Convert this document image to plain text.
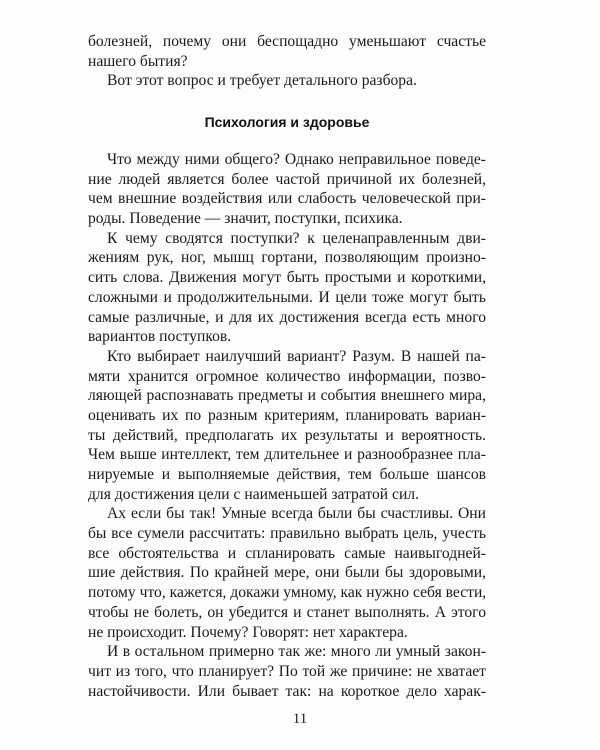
болезней, почему они беспощадно уменьшают счастье
нашего бытия?
Вот этот вопрос и требует детального разбора.
Психология и здоровье
Что между ними общего? Однако неправильное поведе-
ние людей является более частой причиной их болезней,
чем внешние воздействия или слабость человеческой при-
роды. Поведение — значит, поступки, психика.
К чему сводятся поступки? к целенаправленным дви-
жениям рук, ног, мышц гортани, позволяющим произно-
сить слова. Движения могут быть простыми и короткими,
сложными и продолжительными. И цели тоже могут быть
самые различные, и для их достижения всегда есть много
вариантов поступков.
Кто выбирает наилучший вариант? Разум. В нашей па-
мяти хранится огромное количество информации, позво-
ляющей распознавать предметы и события внешнего мира,
оценивать их по разным критериям, планировать вариан-
ты действий, предполагать их результаты и вероятность.
Чем выше интеллект, тем длительнее и разнообразнее пла-
нируемые и выполняемые действия, тем больше шансов
для достижения цели с наименьшей затратой сил.
Ах если бы так! Умные всегда были бы счастливы. Они
бы все сумели рассчитать: правильно выбрать цель, учесть
все обстоятельства и спланировать самые наивыгодней-
шие действия. По крайней мере, они были бы здоровыми,
потому что, кажется, докажи умному, как нужно себя вести,
чтобы не болеть, он убедится и станет выполнять. А этого
не происходит. Почему? Говорят: нет характера.
И в остальном примерно так же: много ли умный закон-
чит из того, что планирует? По той же причине: не хватает
настойчивости. Или бывает так: на короткое дело харак-
11
